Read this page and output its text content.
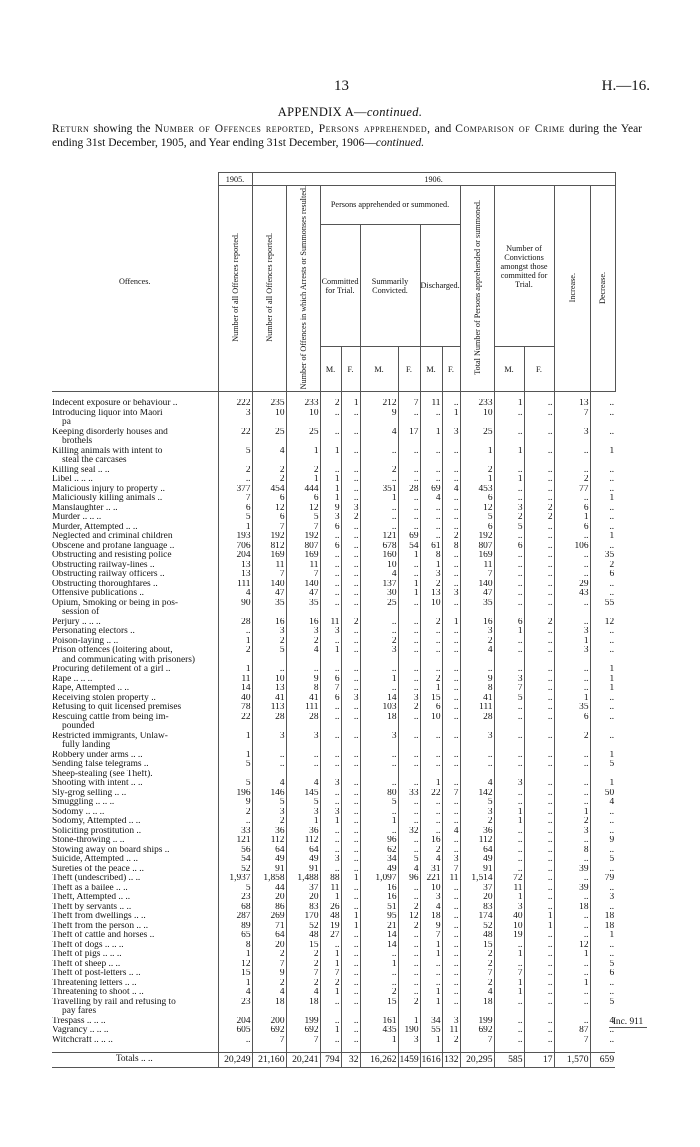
13	H.—16.
APPENDIX A—continued.
Return showing the Number of Offences reported, Persons apprehended, and Comparison of Crime during the Year ending 31st December, 1905, and Year ending 31st December, 1906—continued.
Offences.	1905.	1906.													
	Number of all Offences reported.	Number of all Offences reported.	Number of Offences in which Arrests or Summonses resulted.	Persons apprehended or summoned.						Total Number of Persons apprehended or summoned.	Number of Convictions amongst those committed for Trial.		Increase.	Decrease.	
				Committed for Trial.		Summarily Convicted.		Discharged.							
				M.	F.	M.	F.	M.	F.		M.	F.			

Indecent exposure or behaviour ..	222	235	233	2	1	212	7	11	..	233	1	..	13	..	
Introducing liquor into Maori
pa	3	10	10	..	..	9	..	..	1	10	..	..	7	..	
Keeping disorderly houses and
brothels	22	25	25	..	..	4	17	1	3	25	..	..	3	..	
Killing animals with intent to
steal the carcases	5	4	1	1	..	..	..	..	..	1	1	..	..	1	
Killing seal .. ..	2	2	2	..	..	2	..	..	..	2	..	..	..	..	
Libel .. .. ..	..	2	1	1	..	..	..	..	..	1	1	..	2	..	
Malicious injury to property ..	377	454	444	1	..	351	28	69	4	453	..	..	77	..	
Maliciously killing animals ..	7	6	6	1	..	1	..	4	..	6	..	..	..	1	
Manslaughter .. ..	6	12	12	9	3	..	..	..	..	12	3	2	6	..	
Murder .. .. ..	5	6	5	3	2	..	..	..	..	5	2	2	1	..	
Murder, Attempted .. ..	1	7	7	6	..	..	..	..	..	6	5	..	6	..	
Neglected and criminal children	193	192	192	..	..	121	69	..	2	192	..	..	..	1	
Obscene and profane language ..	706	812	807	6	..	678	54	61	8	807	6	..	106	..	
Obstructing and resisting police	204	169	169	..	..	160	1	8	..	169	..	..	..	35	
Obstructing railway-lines ..	13	11	11	..	..	10	..	1	..	11	..	..	..	2	
Obstructing railway officers ..	13	7	7	..	..	4	..	3	..	7	..	..	..	6	
Obstructing thoroughfares ..	111	140	140	..	..	137	1	2	..	140	..	..	29	..	
Offensive publications ..	4	47	47	..	..	30	1	13	3	47	..	..	43	..	
Opium, Smoking or being in pos-
session of	90	35	35	..	..	25	..	10	..	35	..	..	..	55	
Perjury .. .. ..	28	16	16	11	2	..	..	2	1	16	6	2	..	12	
Personating electors ..	..	3	3	3	..	..	..	..	..	3	1	..	3	..	
Poison-laying .. ..	1	2	2	..	..	2	..	..	..	2	..	..	1	..	
Prison offences (loitering about,
and communicating with prisoners)	2	5	4	1	..	3	..	..	..	4	..	..	3	..	
Procuring defilement of a girl ..	1	..	..	..	..	..	..	..	..	..	..	..	..	1	
Rape .. .. ..	11	10	9	6	..	1	..	2	..	9	3	..	..	1	
Rape, Attempted .. ..	14	13	8	7	..	..	..	1	..	8	7	..	..	1	
Receiving stolen property ..	40	41	41	6	3	14	3	15	..	41	5	..	1	..	
Refusing to quit licensed premises	78	113	111	..	..	103	2	6	..	111	..	..	35	..	
Rescuing cattle from being im-
pounded	22	28	28	..	..	18	..	10	..	28	..	..	6	..	
Restricted immigrants, Unlaw-
fully landing	1	3	3	..	..	3	..	..	..	3	..	..	2	..	
Robbery under arms .. ..	1	..	..	..	..	..	..	..	..	..	..	..	..	1	
Sending false telegrams ..	5	..	..	..	..	..	..	..	..	..	..	..	..	5	
Sheep-stealing (see Theft).															
Shooting with intent .. ..	5	4	4	3	..	..	..	1	..	4	3	..	..	1	
Sly-grog selling .. ..	196	146	145	..	..	80	33	22	7	142	..	..	..	50	
Smuggling .. .. ..	9	5	5	..	..	5	..	..	..	5	..	..	..	4	
Sodomy .. .. ..	2	3	3	3	..	..	..	..	..	3	1	..	1	..	
Sodomy, Attempted .. ..	..	2	1	1	..	1	..	..	..	2	1	..	2	..	
Soliciting prostitution ..	33	36	36	..	..	..	32	..	4	36	..	..	3	..	
Stone-throwing .. ..	121	112	112	..	..	96	..	16	..	112	..	..	..	9	
Stowing away on board ships ..	56	64	64	..	..	62	..	2	..	64	..	..	8	..	
Suicide, Attempted .. ..	54	49	49	3	..	34	5	4	3	49	..	..	..	5	
Sureties of the peace .. ..	52	91	91	..	..	49	4	31	7	91	..	..	39	..	
Theft (undescribed) .. ..	1,937	1,858	1,488	88	1	1,097	96	221	11	1,514	72	..	..	79	
Theft as a bailee .. ..	5	44	37	11	..	16	..	10	..	37	11	..	39	..	
Theft, Attempted .. ..	23	20	20	1	..	16	..	3	..	20	1	..	..	3	
Theft by servants .. ..	68	86	83	26	..	51	2	4	..	83	3	..	18	..	
Theft from dwellings .. ..	287	269	170	48	1	95	12	18	..	174	40	1	..	18	
Theft from the person .. ..	89	71	52	19	1	21	2	9	..	52	10	1	..	18	
Theft of cattle and horses ..	65	64	48	27	..	14	..	7	..	48	19	..	..	1	
Theft of dogs .. .. ..	8	20	15	..	..	14	..	1	..	15	..	..	12	..	
Theft of pigs .. .. ..	1	2	2	1	..	..	..	1	..	2	1	..	1	..	
Theft of sheep .. ..	12	7	2	1	..	1	..	..	..	2	..	..	..	5	
Theft of post-letters .. ..	15	9	7	7	..	..	..	..	..	7	7	..	..	6	
Threatening letters .. ..	1	2	2	2	..	..	..	..	..	2	1	..	1	..	
Threatening to shoot .. ..	4	4	4	1	..	2	..	1	..	4	1	..	..	..	
Travelling by rail and refusing to
pay fares	23	18	18	..	..	15	2	1	..	18	..	..	..	5	
Trespass .. .. ..	204	200	199	..	..	161	1	34	3	199	..	..	..	4	
Vagrancy .. .. ..	605	692	692	1	..	435	190	55	11	692	..	..	87	..	
Witchcraft .. .. ..	..	7	7	..	..	1	3	1	2	7	..	..	7	..	

Totals .. ..	20,249	21,160	20,241	794	32	16,262	1459	1616	132	20,295	585	17	1,570	659	
Inc. 911
